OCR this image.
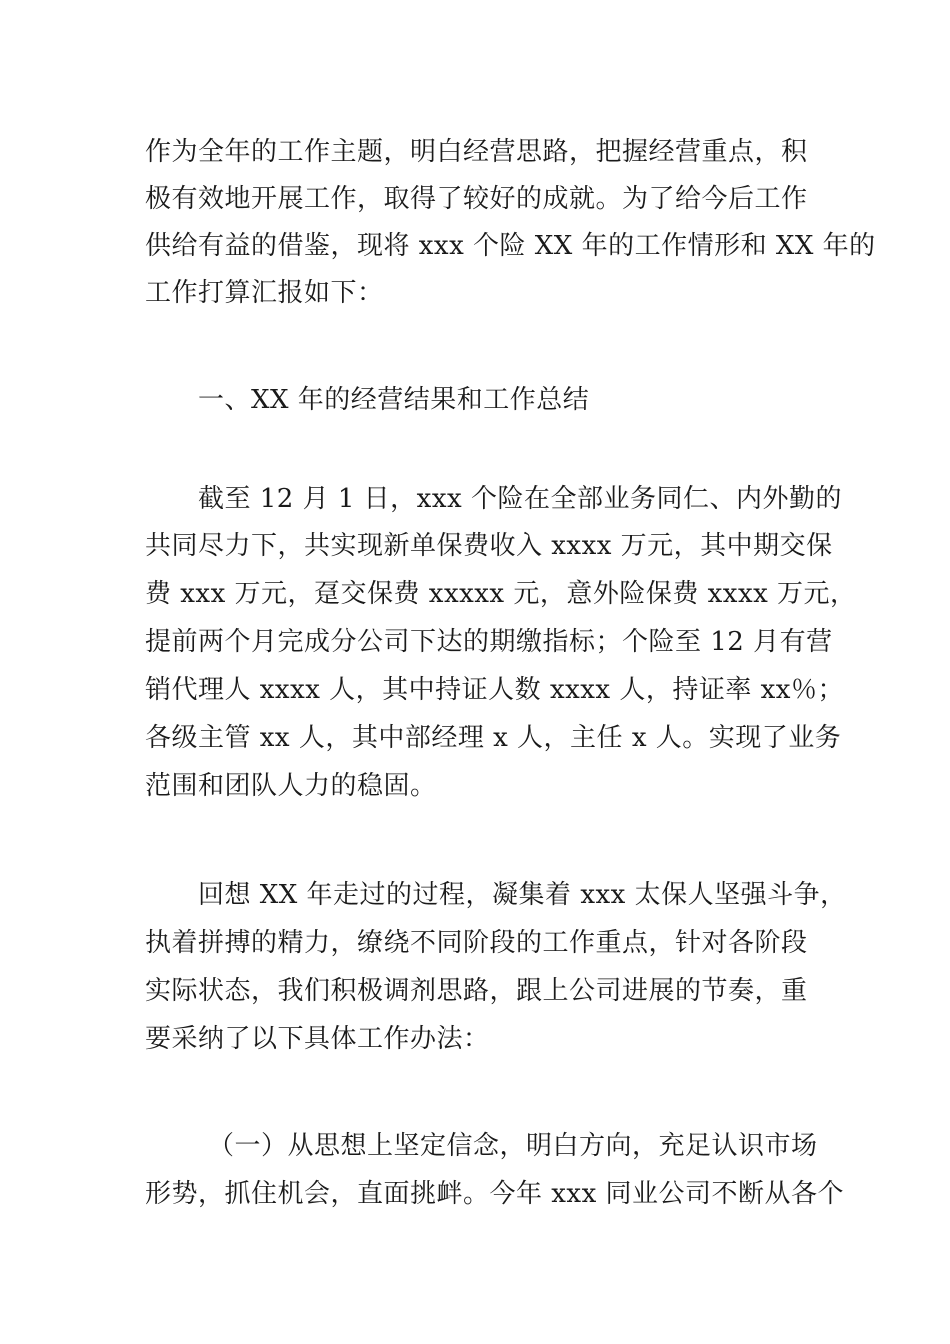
作为全年的工作主题，明白经营思路，把握经营重点，积
极有效地开展工作，取得了较好的成就。为了给今后工作
供给有益的借鉴，现将 xxx 个险 XX 年的工作情形和 XX 年的
工作打算汇报如下：
一、XX 年的经营结果和工作总结
截至 12 月 1 日，xxx 个险在全部业务同仁、内外勤的
共同尽力下，共实现新单保费收入 xxxx 万元，其中期交保
费 xxx 万元，趸交保费 xxxxx 元，意外险保费 xxxx 万元，
提前两个月完成分公司下达的期缴指标；个险至 12 月有营
销代理人 xxxx 人，其中持证人数 xxxx 人，持证率 xx％；
各级主管 xx 人，其中部经理 x 人，主任 x 人。实现了业务
范围和团队人力的稳固。
回想 XX 年走过的过程，凝集着 xxx 太保人坚强斗争，
执着拼搏的精力，缭绕不同阶段的工作重点，针对各阶段
实际状态，我们积极调剂思路，跟上公司进展的节奏，重
要采纳了以下具体工作办法：
（一）从思想上坚定信念，明白方向，充足认识市场
形势，抓住机会，直面挑衅。今年 xxx 同业公司不断从各个
